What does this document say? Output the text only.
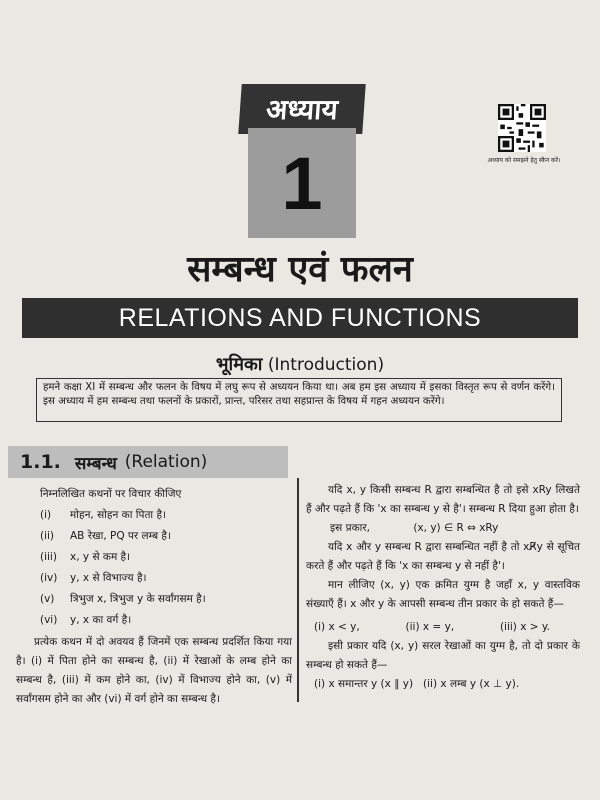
अध्याय
1	अध्याय को समझने हेतु स्कैन करें।
सम्बन्ध एवं फलन
RELATIONS AND FUNCTIONS
भूमिका (Introduction)
हमने कक्षा XI में सम्बन्ध और फलन के विषय में लघु रूप से अध्ययन किया था। अब हम इस अध्याय में इसका विस्तृत रूप से वर्णन करेंगे। इस अध्याय में हम सम्बन्ध तथा फलनों के प्रकारों, प्रान्त, परिसर तथा सहप्रान्त के विषय में गहन अध्ययन करेंगे।
1.1. सम्बन्ध (Relation)
निम्नलिखित कथनों पर विचार कीजिए
(i)	मोहन, सोहन का पिता है।
(ii)	AB रेखा, PQ पर लम्ब है।
(iii)	x, y से कम है।
(iv)	y, x से विभाज्य है।
(v)	त्रिभुज x, त्रिभुज y के सर्वांगसम है।
(vi)	y, x का वर्ग है।
प्रत्येक कथन में दो अवयव हैं जिनमें एक सम्बन्ध प्रदर्शित किया गया है। (i) में पिता होने का सम्बन्ध है, (ii) में रेखाओं के लम्ब होने का सम्बन्ध है, (iii) में कम होने का, (iv) में विभाज्य होने का, (v) में सर्वांगसम होने का और (vi) में वर्ग होने का सम्बन्ध है।
यदि x, y किसी सम्बन्ध R द्वारा सम्बन्धित है तो इसे xRy लिखते हैं और पढ़ते हैं कि 'x का सम्बन्ध y से है'। सम्बन्ध R दिया हुआ होता है।
इस प्रकार,	(x, y) ∈ R ⇔ xRy
यदि x और y सम्बन्ध R द्वारा सम्बन्धित नहीं है तो xR̸y से सूचित करते हैं और पढ़ते हैं कि 'x का सम्बन्ध y से नहीं है'।
मान लीजिए (x, y) एक क्रमित युग्म है जहाँ x, y वास्तविक संख्याएँ हैं। x और y के आपसी सम्बन्ध तीन प्रकार के हो सकते हैं—
(i) x < y,	(ii) x = y,	(iii) x > y.
इसी प्रकार यदि (x, y) सरल रेखाओं का युग्म है, तो दो प्रकार के सम्बन्ध हो सकते हैं—
(i) x समान्तर y (x ∥ y) (ii) x लम्ब y (x ⊥ y).
